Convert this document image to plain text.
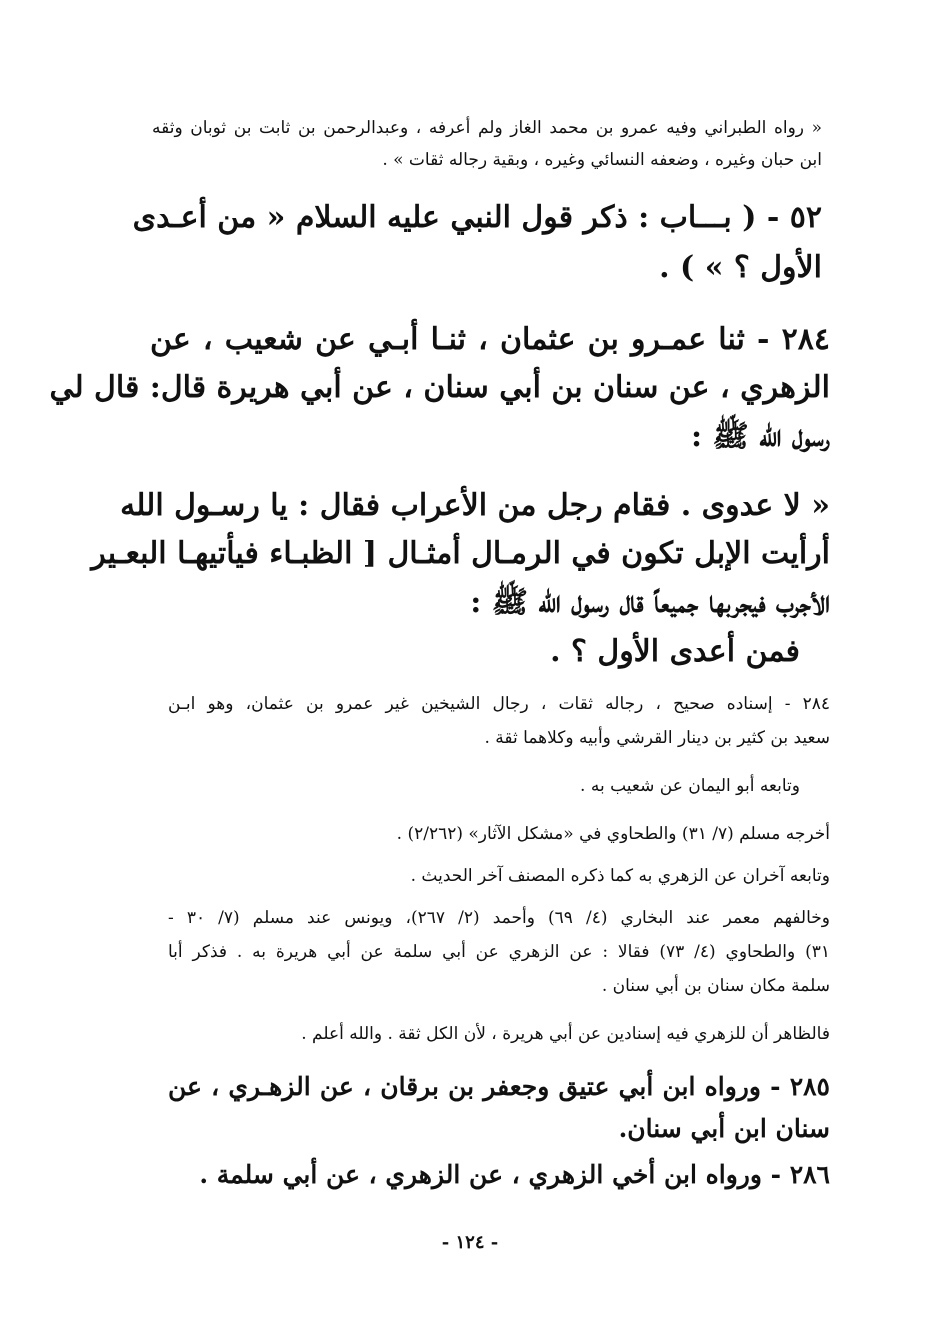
« رواه الطبراني وفيه عمرو بن محمد الغاز ولم أعرفه ، وعبدالرحمن بن ثابت بن ثوبان وثقه
ابن حبان وغيره ، وضعفه النسائي وغيره ، وبقية رجاله ثقات » .
٥٢ - ( بـــاب : ذكر قول النبي عليه السلام « من أعـدى
الأول ؟ » ) .
٢٨٤ - ثنا عمـرو بن عثمان ، ثنـا أبـي عن شعيب ، عن
الزهري ، عن سنان بن أبي سنان ، عن أبي هريرة قال: قال لي
رسول الله ﷺ :
« لا عدوى . فقام رجل من الأعراب فقال : يا رسـول الله
أرأيت الإبل تكون في الرمـال أمثـال [ الظبـاء فيأتيهـا البعـير
الأجرب فيجربها جميعاً قال رسول الله ﷺ :
فمن أعدى الأول ؟ .
٢٨٤ - إسناده صحيح ، رجاله ثقات ، رجال الشيخين غير عمرو بن عثمان، وهو ابـن
سعيد بن كثير بن دينار القرشي وأبيه وكلاهما ثقة .
وتابعه أبو اليمان عن شعيب به .
أخرجه مسلم (٧/ ٣١) والطحاوي في «مشكل الآثار» (٢/٢٦٢) .
وتابعه آخران عن الزهري به كما ذكره المصنف آخر الحديث .
وخالفهم معمر عند البخاري (٤/ ٦٩) وأحمد (٢/ ٢٦٧)، ويونس عند مسلم (٧/ ٣٠ -
٣١) والطحاوي (٤/ ٧٣) فقالا : عن الزهري عن أبي سلمة عن أبي هريرة به . فذكر أبا
سلمة مكان سنان بن أبي سنان .
فالظاهر أن للزهري فيه إسنادين عن أبي هريرة ، لأن الكل ثقة . والله أعلم .
٢٨٥ - ورواه ابن أبي عتيق وجعفر بن برقان ، عن الزهـري ، عن
سنان ابن أبي سنان.
٢٨٦ - ورواه ابن أخي الزهري ، عن الزهري ، عن أبي سلمة .
- ١٢٤ -
